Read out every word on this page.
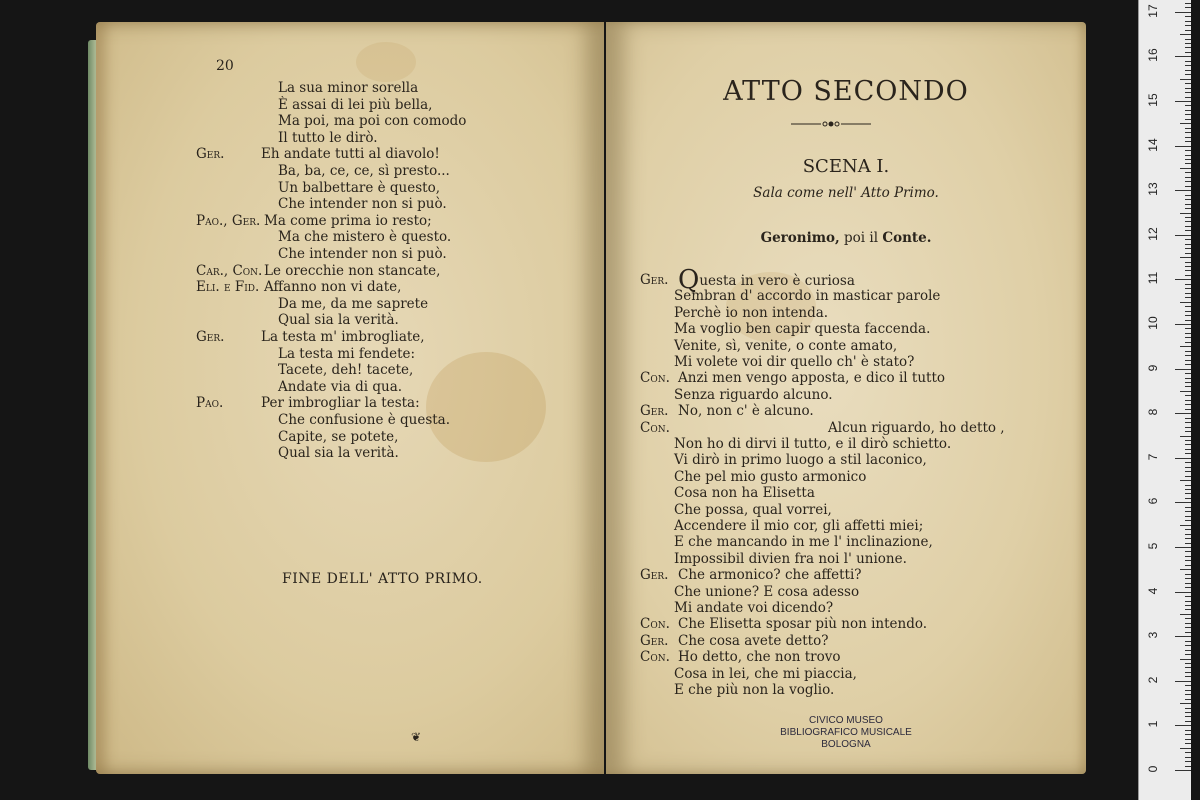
20
La sua minor sorella
È assai di lei più bella,
Ma poi, ma poi con comodo
Il tutto le dirò.
Ger.	Eh andate tutti al diavolo!
Ba, ba, ce, ce, sì presto...
Un balbettare è questo,
Che intender non si può.
Pao., Ger. Ma come prima io resto;
Ma che mistero è questo.
Che intender non si può.
Car., Con. Le orecchie non stancate,
Eli. e Fid. Affanno non vi date,
Da me, da me saprete
Qual sia la verità.
Ger.	La testa m' imbrogliate,
La testa mi fendete:
Tacete, deh! tacete,
Andate via di qua.
Pao.	Per imbrogliar la testa:
Che confusione è questa.
Capite, se potete,
Qual sia la verità.
FINE DELL' ATTO PRIMO.
❦
ATTO SECONDO
SCENA I.
Sala come nell' Atto Primo.
Geronimo, poi il Conte.
Ger. Questa in vero è curiosa
Sembran d' accordo in masticar parole
Perchè io non intenda.
Ma voglio ben capir questa faccenda.
Venite, sì, venite, o conte amato,
Mi volete voi dir quello ch' è stato?
Con. Anzi men vengo apposta, e dico il tutto
Senza riguardo alcuno.
Ger. No, non c' è alcuno.
Con.	Alcun riguardo, ho detto ,
Non ho di dirvi il tutto, e il dirò schietto.
Vi dirò in primo luogo a stil laconico,
Che pel mio gusto armonico
Cosa non ha Elisetta
Che possa, qual vorrei,
Accendere il mio cor, gli affetti miei;
E che mancando in me l' inclinazione,
Impossibil divien fra noi l' unione.
Ger. Che armonico? che affetti?
Che unione? E cosa adesso
Mi andate voi dicendo?
Con. Che Elisetta sposar più non intendo.
Ger. Che cosa avete detto?
Con. Ho detto, che non trovo
Cosa in lei, che mi piaccia,
E che più non la voglio.
CIVICO MUSEO
BIBLIOGRAFICO MUSICALE
BOLOGNA
0
1
2
3
4
5
6
7
8
9
10
11
12
13
14
15
16
17
